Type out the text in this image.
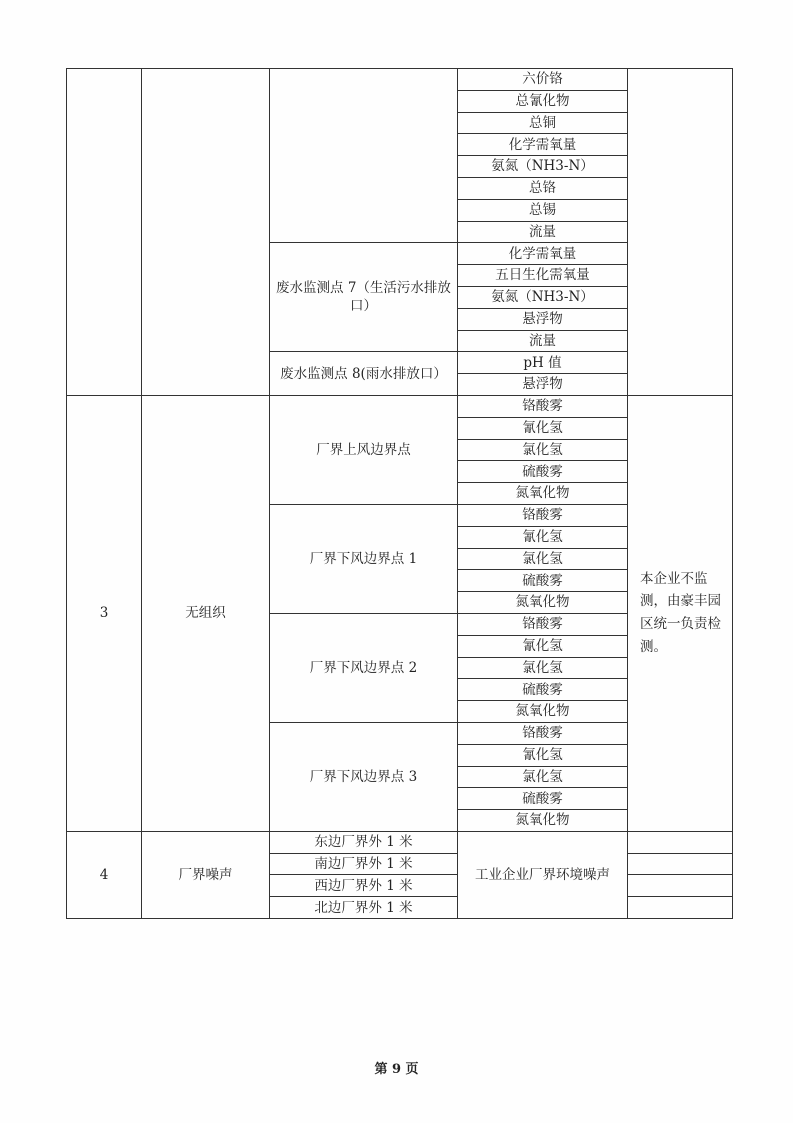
			六价铬	
			总氰化物	
			总铜	
			化学需氧量	
			氨氮（NH3-N）	
			总铬	
			总锡	
			流量	
		废水监测点 7（生活污水排放口）	化学需氧量	
			五日生化需氧量	
			氨氮（NH3-N）	
			悬浮物	
			流量	
		废水监测点 8(雨水排放口）	pH 值	
			悬浮物	
3	无组织	厂界上风边界点	铬酸雾	本企业不监测，由豪丰园区统一负责检测。
			氰化氢	
			氯化氢	
			硫酸雾	
			氮氧化物	
		厂界下风边界点 1	铬酸雾	
			氰化氢	
			氯化氢	
			硫酸雾	
			氮氧化物	
		厂界下风边界点 2	铬酸雾	
			氰化氢	
			氯化氢	
			硫酸雾	
			氮氧化物	
		厂界下风边界点 3	铬酸雾	
			氰化氢	
			氯化氢	
			硫酸雾	
			氮氧化物	
4	厂界噪声	东边厂界外 1 米	工业企业厂界环境噪声	
		南边厂界外 1 米		
		西边厂界外 1 米		
		北边厂界外 1 米		
第 9 页
